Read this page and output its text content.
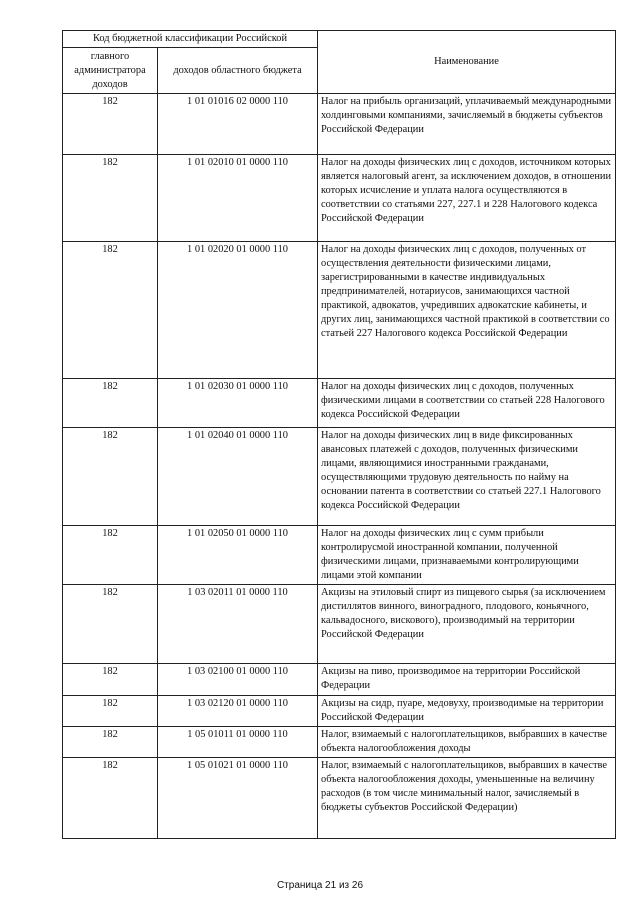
Код бюджетной классификации Российской		Наименование
главного администратора доходов	доходов областного бюджета	
182	1 01 01016 02 0000 110	Налог на прибыль организаций, уплачиваемый международными холдинговыми компаниями, зачисляемый в бюджеты субъектов Российской Федерации
182	1 01 02010 01 0000 110	Налог на доходы физических лиц с доходов, источником которых является налоговый агент, за исключением доходов, в отношении которых исчисление и уплата налога осуществляются в соответствии со статьями 227, 227.1 и 228 Налогового кодекса Российской Федерации
182	1 01 02020 01 0000 110	Налог на доходы физических лиц с доходов, полученных от осуществления деятельности физическими лицами, зарегистрированными в качестве индивидуальных предпринимателей, нотариусов, занимающихся частной практикой, адвокатов, учредивших адвокатские кабинеты, и других лиц, занимающихся частной практикой в соответствии со статьей 227 Налогового кодекса Российской Федерации
182	1 01 02030 01 0000 110	Налог на доходы физических лиц с доходов, полученных физическими лицами в соответствии со статьей 228 Налогового кодекса Российской Федерации
182	1 01 02040 01 0000 110	Налог на доходы физических лиц в виде фиксированных авансовых платежей с доходов, полученных физическими лицами, являющимися иностранными гражданами, осуществляющими трудовую деятельность по найму на основании патента в соответствии со статьей 227.1 Налогового кодекса Российской Федерации
182	1 01 02050 01 0000 110	Налог на доходы физических лиц с сумм прибыли контролирусмой иностранной компании, полученной физическими лицами, признаваемыми контролирующими лицами этой компании
182	1 03 02011 01 0000 110	Акцизы на этиловый спирт из пищевого сырья (за исключением дистиллятов винного, виноградного, плодового, коньячного, кальвадосного, вискового), производимый на территории Российской Федерации
182	1 03 02100 01 0000 110	Акцизы на пиво, производимое на территории Российской Федерации
182	1 03 02120 01 0000 110	Акцизы на сидр, пуаре, медовуху, производимые на территории Российской Федерации
182	1 05 01011 01 0000 110	Налог, взимаемый с налогоплательщиков, выбравших в качестве объекта налогообложения доходы
182	1 05 01021 01 0000 110	Налог, взимаемый с налогоплательщиков, выбравших в качестве объекта налогообложения доходы, уменьшенные на величину расходов (в том числе минимальный налог, зачисляемый в бюджеты субъектов Российской Федерации)
Страница 21 из 26
